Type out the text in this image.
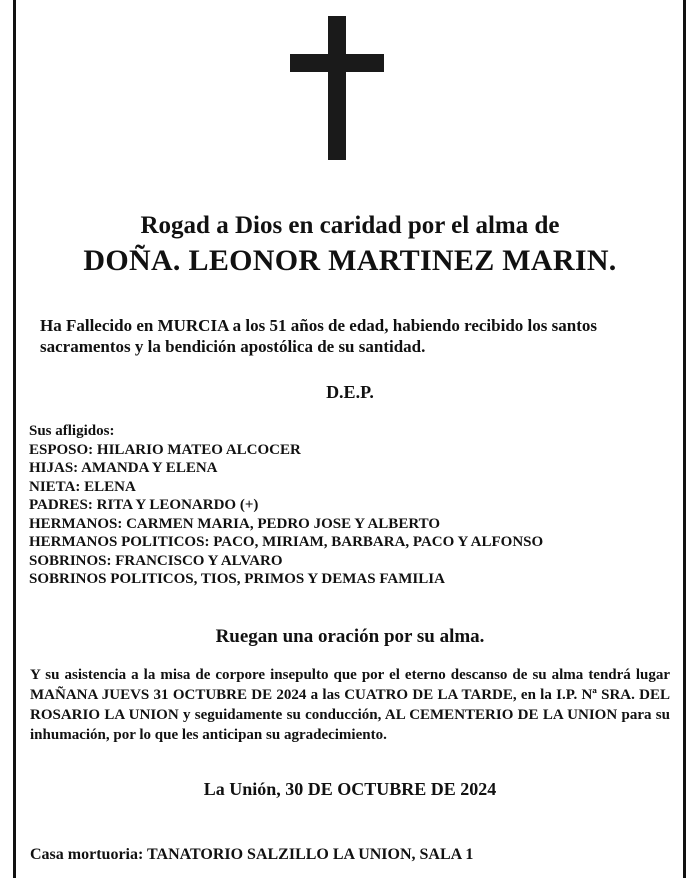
Rogad a Dios en caridad por el alma de
DOÑA. LEONOR MARTINEZ MARIN.

Ha Fallecido en MURCIA a los 51 años de edad, habiendo recibido los santos sacramentos y la bendición apostólica de su santidad.

D.E.P.
Sus afligidos:
ESPOSO: HILARIO MATEO ALCOCER
HIJAS: AMANDA Y ELENA
NIETA: ELENA
PADRES: RITA Y LEONARDO (+)
HERMANOS: CARMEN MARIA, PEDRO JOSE Y ALBERTO
HERMANOS POLITICOS: PACO, MIRIAM, BARBARA, PACO Y ALFONSO
SOBRINOS: FRANCISCO Y ALVARO
SOBRINOS POLITICOS, TIOS, PRIMOS Y DEMAS FAMILIA
Ruegan una oración por su alma.

Y su asistencia a la misa de corpore insepulto que por el eterno descanso de su alma tendrá lugar MAÑANA JUEVS 31 OCTUBRE DE 2024 a las CUATRO DE LA TARDE, en la I.P. Nª SRA. DEL ROSARIO LA UNION y seguidamente su conducción, AL CEMENTERIO DE LA UNION para su inhumación, por lo que les anticipan su agradecimiento.

La Unión, 30 DE OCTUBRE DE 2024
Casa mortuoria: TANATORIO SALZILLO LA UNION, SALA 1
